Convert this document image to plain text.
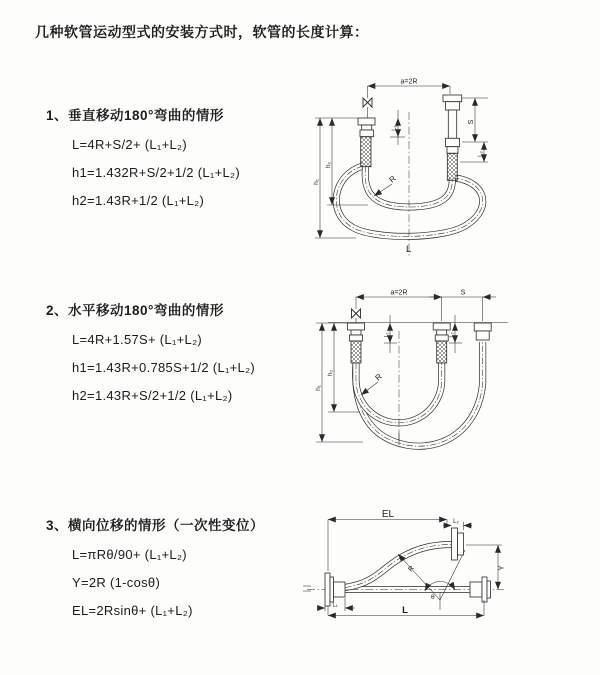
几种软管运动型式的安装方式时，软管的长度计算：
1、垂直移动180°弯曲的情形
L=4R+S/2+ (L₁+L₂)
h1=1.432R+S/2+1/2 (L₁+L₂)
h2=1.43R+1/2 (L₁+L₂)
a=2R
h₁
h₂
L₁
S
L₂
R
L
2、水平移动180°弯曲的情形
L=4R+1.57S+ (L₁+L₂)
h1=1.43R+0.785S+1/2 (L₁+L₂)
h2=1.43R+S/2+1/2 (L₁+L₂)
a=2R	S
h₁
h₂
L₁	L₂
R
3、横向位移的情形（一次性变位）
L=πRθ/90+ (L₁+L₂)
Y=2R (1-cosθ)
EL=2Rsinθ+ (L₁+L₂)
θ
R
EL
L₂
Y
L
L₁
